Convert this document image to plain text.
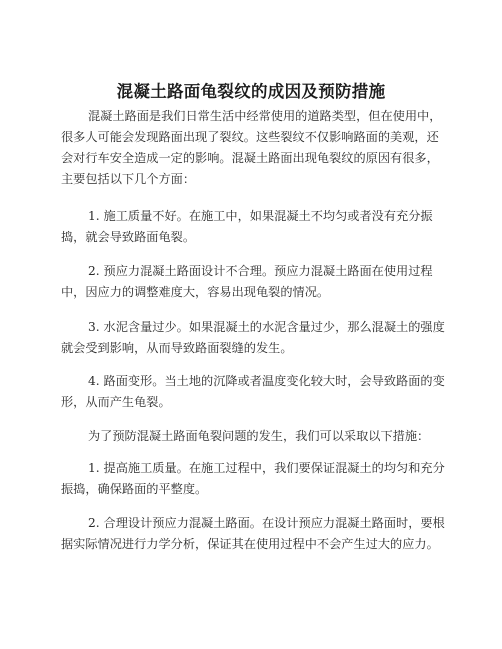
混凝土路面龟裂纹的成因及预防措施

混凝土路面是我们日常生活中经常使用的道路类型，但在使用中，很多人可能会发现路面出现了裂纹。这些裂纹不仅影响路面的美观，还会对行车安全造成一定的影响。混凝土路面出现龟裂纹的原因有很多，主要包括以下几个方面：

1. 施工质量不好。在施工中，如果混凝土不均匀或者没有充分振捣，就会导致路面龟裂。

2. 预应力混凝土路面设计不合理。预应力混凝土路面在使用过程中，因应力的调整难度大，容易出现龟裂的情况。

3. 水泥含量过少。如果混凝土的水泥含量过少，那么混凝土的强度就会受到影响，从而导致路面裂缝的发生。

4. 路面变形。当土地的沉降或者温度变化较大时，会导致路面的变形，从而产生龟裂。

为了预防混凝土路面龟裂问题的发生，我们可以采取以下措施：

1. 提高施工质量。在施工过程中，我们要保证混凝土的均匀和充分振捣，确保路面的平整度。

2. 合理设计预应力混凝土路面。在设计预应力混凝土路面时，要根据实际情况进行力学分析，保证其在使用过程中不会产生过大的应力。
